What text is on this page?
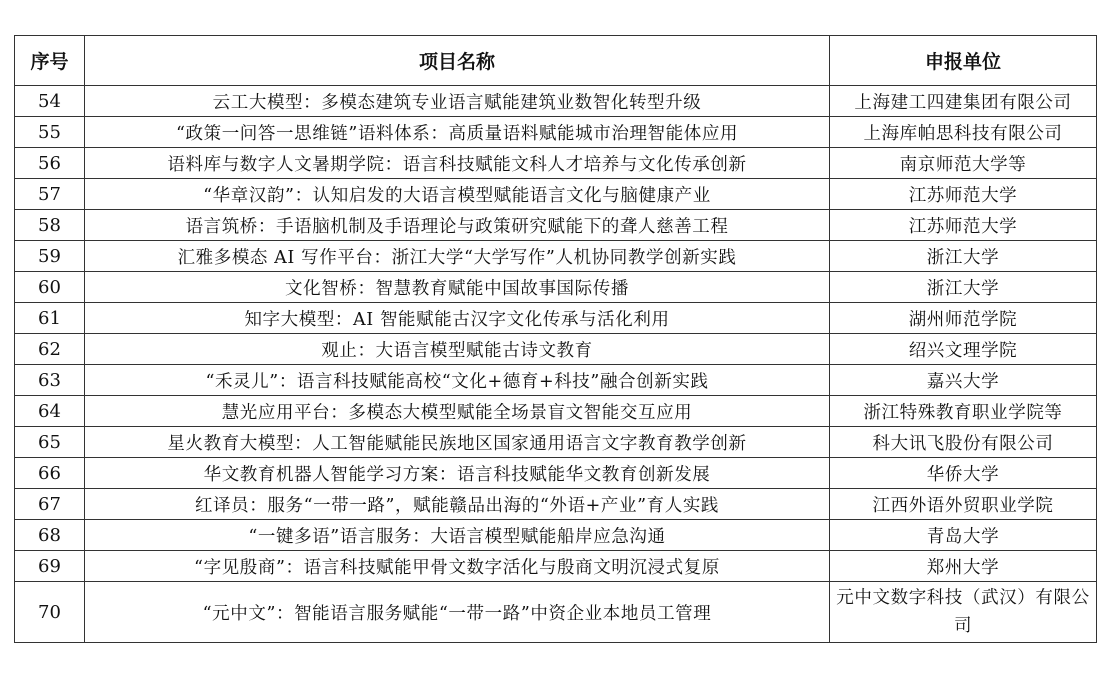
序号	项目名称	申报单位
54	云工大模型：多模态建筑专业语言赋能建筑业数智化转型升级	上海建工四建集团有限公司
55	“政策一问答一思维链”语料体系：高质量语料赋能城市治理智能体应用	上海库帕思科技有限公司
56	语料库与数字人文暑期学院：语言科技赋能文科人才培养与文化传承创新	南京师范大学等
57	“华章汉韵”：认知启发的大语言模型赋能语言文化与脑健康产业	江苏师范大学
58	语言筑桥：手语脑机制及手语理论与政策研究赋能下的聋人慈善工程	江苏师范大学
59	汇雅多模态 AI 写作平台：浙江大学“大学写作”人机协同教学创新实践	浙江大学
60	文化智桥：智慧教育赋能中国故事国际传播	浙江大学
61	知字大模型：AI 智能赋能古汉字文化传承与活化利用	湖州师范学院
62	观止：大语言模型赋能古诗文教育	绍兴文理学院
63	“禾灵儿”：语言科技赋能高校“文化+德育+科技”融合创新实践	嘉兴大学
64	慧光应用平台：多模态大模型赋能全场景盲文智能交互应用	浙江特殊教育职业学院等
65	星火教育大模型：人工智能赋能民族地区国家通用语言文字教育教学创新	科大讯飞股份有限公司
66	华文教育机器人智能学习方案：语言科技赋能华文教育创新发展	华侨大学
67	红译员：服务“一带一路”，赋能赣品出海的“外语+产业”育人实践	江西外语外贸职业学院
68	“一键多语”语言服务：大语言模型赋能船岸应急沟通	青岛大学
69	“字见殷商”：语言科技赋能甲骨文数字活化与殷商文明沉浸式复原	郑州大学
70	“元中文”：智能语言服务赋能“一带一路”中资企业本地员工管理	元中文数字科技（武汉）有限公司
